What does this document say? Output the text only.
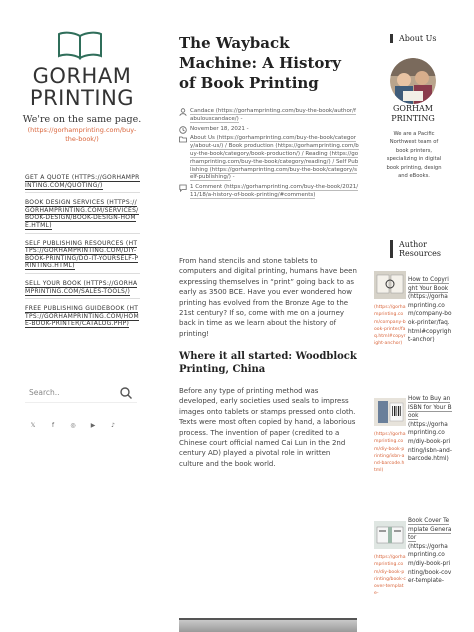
GORHAM
PRINTING
We're on the same page.
(https://gorhamprinting.com/buy-the-book/)
GET A QUOTE (HTTPS://GORHAMPRINTING.COM/QUOTING/)
BOOK DESIGN SERVICES (HTTPS://GORHAMPRINTING.COM/SERVICES/BOOK-DESIGN/BOOK-DESIGN-HOME.HTML)
SELF PUBLISHING RESOURCES (HTTPS://GORHAMPRINTING.COM/DIY-BOOK-PRINTING/DO-IT-YOURSELF-PRINTING.HTML)
SELL YOUR BOOK (HTTPS://GORHAMPRINTING.COM/SALES-TOOLS/)
FREE PUBLISHING GUIDEBOOK (HTTPS://GORHAMPRINTING.COM/HOME-BOOK-PRINTER/CATALOG.PHP)
Search..
𝕏	f	◎	▶	♪
The Wayback Machine: A History of Book Printing
Candace (https://gorhamprinting.com/buy-the-book/author/fabulouscandace/) -
November 18, 2021 -
About Us (https://gorhamprinting.com/buy-the-book/category/about-us/) / Book production (https://gorhamprinting.com/buy-the-book/category/book-production/) / Reading (https://gorhamprinting.com/buy-the-book/category/reading/) / Self Publishing (https://gorhamprinting.com/buy-the-book/category/self-publishing/) -
1 Comment (https://gorhamprinting.com/buy-the-book/2021/11/18/a-history-of-book-printing/#comments)

From hand stencils and stone tablets to computers and digital printing, humans have been expressing themselves in “print” going back to as early as 3500 BCE. Have you ever wondered how printing has evolved from the Bronze Age to the 21st century? If so, come with me on a journey back in time as we learn about the history of printing!

Where it all started: Woodblock Printing, China

Before any type of printing method was developed, early societies used seals to impress images onto tablets or stamps pressed onto cloth. Texts were most often copied by hand, a laborious process. The invention of paper (credited to a Chinese court official named Cai Lun in the 2nd century AD) played a pivotal role in written culture and the book world.

About Us
GORHAM PRINTING
We are a Pacific Northwest team of book printers, specializing in digital book printing, design and eBooks.
Author Resources
(https://gorhamprinting.com/company-book-printer/faq.html#copyright-anchor)
How to Copyright Your Book
(https://gorhamprinting.com/company-book-printer/faq.html#copyright-anchor)
(https://gorhamprinting.com/diy-book-printing/isbn-and-barcode.html)
How to Buy an ISBN for Your Book
(https://gorhamprinting.com/diy-book-printing/isbn-and-barcode.html)
(https://gorhamprinting.com/diy-book-printing/book-cover-template-
Book Cover Template Generator
(https://gorhamprinting.com/diy-book-printing/book-cover-template-
